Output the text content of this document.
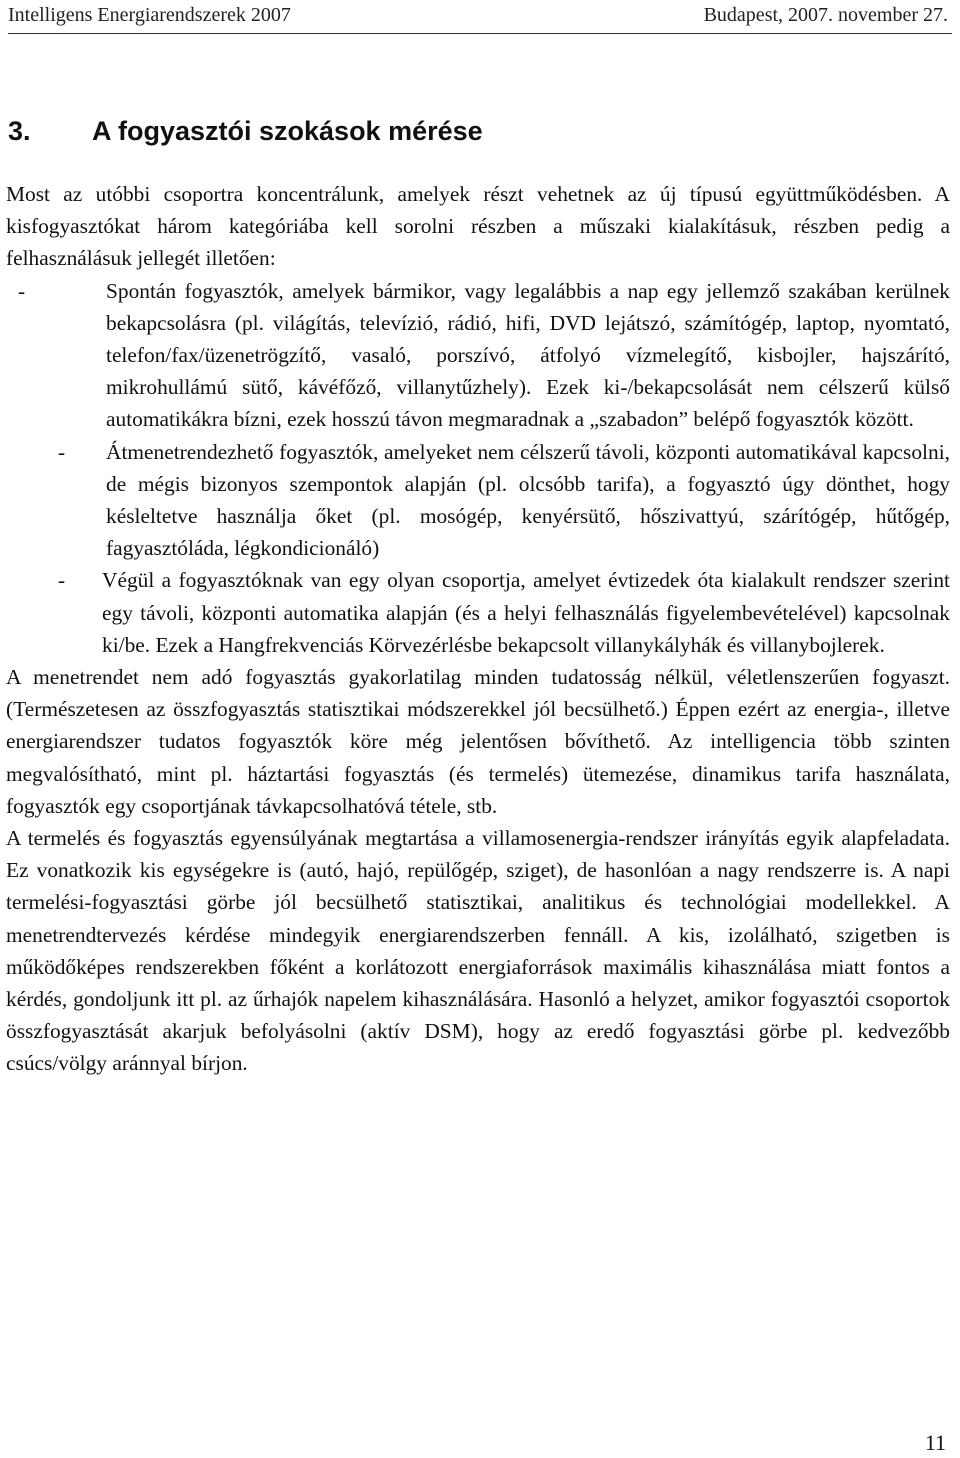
Intelligens Energiarendszerek 2007	Budapest, 2007. november 27.
3. A fogyasztói szokások mérése

Most az utóbbi csoportra koncentrálunk, amelyek részt vehetnek az új típusú együttműködésben. A kisfogyasztókat három kategóriába kell sorolni részben a műszaki kialakításuk, részben pedig a felhasználásuk jellegét illetően:

-	Spontán fogyasztók, amelyek bármikor, vagy legalábbis a nap egy jellemző szakában kerülnek bekapcsolásra (pl. világítás, televízió, rádió, hifi, DVD lejátszó, számítógép, laptop, nyomtató, telefon/fax/üzenetrögzítő, vasaló, porszívó, átfolyó vízmelegítő, kisbojler, hajszárító, mikrohullámú sütő, kávéfőző, villanytűzhely). Ezek ki-/bekapcsolását nem célszerű külső automatikákra bízni, ezek hosszú távon megmaradnak a „szabadon” belépő fogyasztók között.
- Átmenetrendezhető fogyasztók, amelyeket nem célszerű távoli, központi automatikával kapcsolni, de mégis bizonyos szempontok alapján (pl. olcsóbb tarifa), a fogyasztó úgy dönthet, hogy késleltetve használja őket (pl. mosógép, kenyérsütő, hőszivattyú, szárítógép, hűtőgép, fagyasztóláda, légkondicionáló)
- Végül a fogyasztóknak van egy olyan csoportja, amelyet évtizedek óta kialakult rendszer szerint egy távoli, központi automatika alapján (és a helyi felhasználás figyelembevételével) kapcsolnak ki/be. Ezek a Hangfrekvenciás Körvezérlésbe bekapcsolt villanykályhák és villanybojlerek.

A menetrendet nem adó fogyasztás gyakorlatilag minden tudatosság nélkül, véletlenszerűen fogyaszt. (Természetesen az összfogyasztás statisztikai módszerekkel jól becsülhető.) Éppen ezért az energia-, illetve energiarendszer tudatos fogyasztók köre még jelentősen bővíthető. Az intelligencia több szinten megvalósítható, mint pl. háztartási fogyasztás (és termelés) ütemezése, dinamikus tarifa használata, fogyasztók egy csoportjának távkapcsolhatóvá tétele, stb.

A termelés és fogyasztás egyensúlyának megtartása a villamosenergia-rendszer irányítás egyik alapfeladata. Ez vonatkozik kis egységekre is (autó, hajó, repülőgép, sziget), de hasonlóan a nagy rendszerre is. A napi termelési-fogyasztási görbe jól becsülhető statisztikai, analitikus és technológiai modellekkel. A menetrendtervezés kérdése mindegyik energiarendszerben fennáll. A kis, izolálható, szigetben is működőképes rendszerekben főként a korlátozott energiaforrások maximális kihasználása miatt fontos a kérdés, gondoljunk itt pl. az űrhajók napelem kihasználására. Hasonló a helyzet, amikor fogyasztói csoportok összfogyasztását akarjuk befolyásolni (aktív DSM), hogy az eredő fogyasztási görbe pl. kedvezőbb csúcs/völgy aránnyal bírjon.

11
